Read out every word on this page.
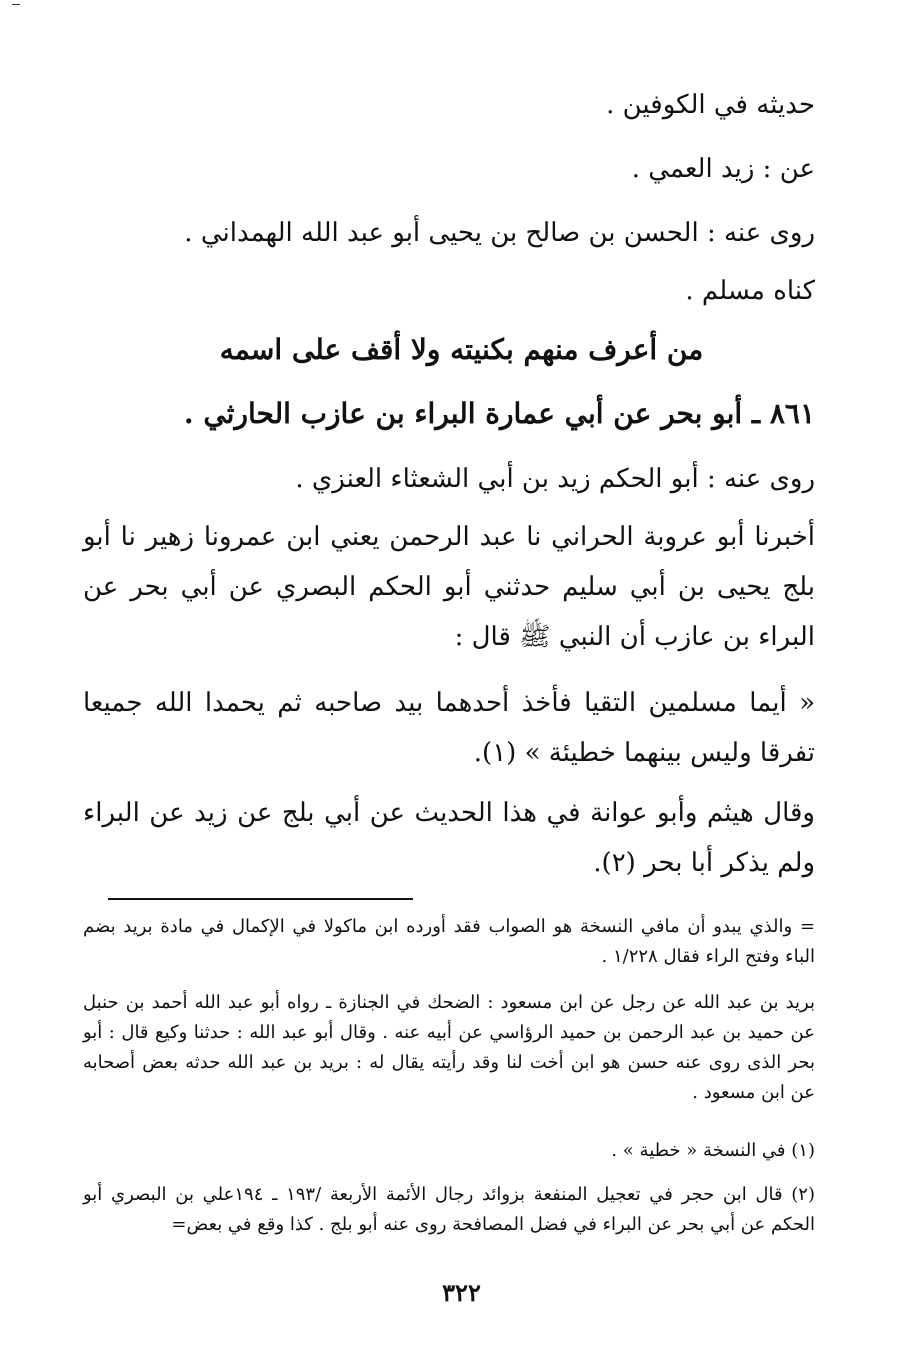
حديثه في الكوفين .
عن : زيد العمي .
روى عنه : الحسن بن صالح بن يحيى أبو عبد الله الهمداني .
كناه مسلم .
من أعرف منهم بكنيته ولا أقف على اسمه
٨٦١ ـ أبو بحر عن أبي عمارة البراء بن عازب الحارثي .
روى عنه : أبو الحكم زيد بن أبي الشعثاء العنزي .
أخبرنا أبو عروبة الحراني نا عبد الرحمن يعني ابن عمرونا زهير نا أبو بلج يحيى بن أبي سليم حدثني أبو الحكم البصري عن أبي بحر عن البراء بن عازب أن النبي ﷺ قال :
« أيما مسلمين التقيا فأخذ أحدهما بيد صاحبه ثم يحمدا الله جميعا تفرقا وليس بينهما خطيئة » (١).
وقال هيثم وأبو عوانة في هذا الحديث عن أبي بلج عن زيد عن البراء ولم يذكر أبا بحر (٢).
= والذي يبدو أن مافي النسخة هو الصواب فقد أورده ابن ماكولا في الإكمال في مادة بريد بضم الباء وفتح الراء فقال ١/٢٢٨ .
بريد بن عبد الله عن رجل عن ابن مسعود : الضحك في الجنازة ـ رواه أبو عبد الله أحمد بن حنبل عن حميد بن عبد الرحمن بن حميد الرؤاسي عن أبيه عنه . وقال أبو عبد الله : حدثنا وكيع قال : أبو بحر الذى روى عنه حسن هو ابن أخت لنا وقد رأيته يقال له : بريد بن عبد الله حدثه بعض أصحابه عن ابن مسعود .
(١) في النسخة « خطية » .
(٢) قال ابن حجر في تعجيل المنفعة بزوائد رجال الأئمة الأربعة /١٩٣ ـ ١٩٤علي بن البصري أبو الحكم عن أبي بحر عن البراء في فضل المصافحة روى عنه أبو بلج . كذا وقع في بعض=
٣٢٢
